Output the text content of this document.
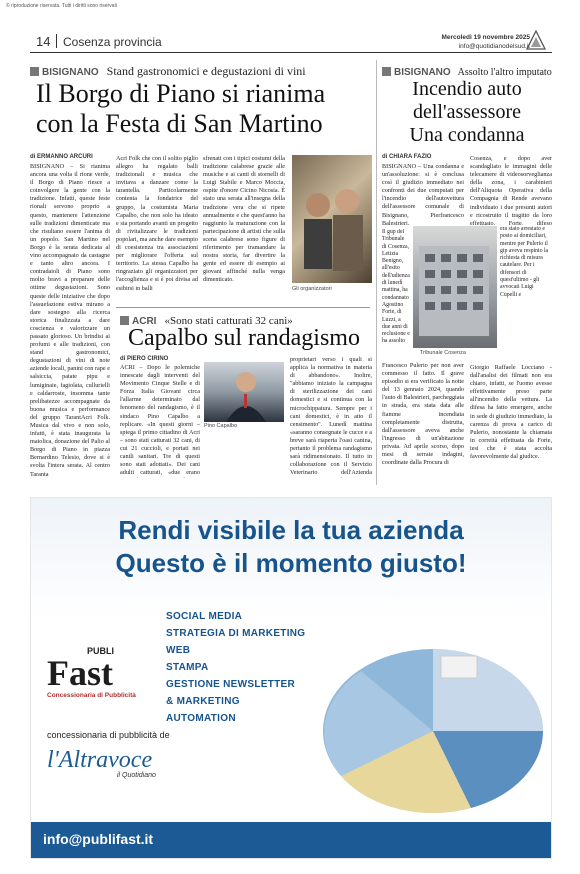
© riproduzione riservata. Tutti i diritti sono riservati
14 Cosenza provincia	Mercoledì 19 novembre 2025
info@quotidianodelsud.it
BISIGNANO Stand gastronomici e degustazioni di vini
Il Borgo di Piano si rianima
con la Festa di San Martino
di ERMANNO ARCURI
BISIGNANO – Si rianima ancora una volta il rione verde, il Borgo di Piano riesce a coinvolgere la gente con la tradizione. Infatti, queste feste rionali servono proprio a questo, mantenere l'attenzione sulle tradizioni dimenticate ma che risultano essere l'anima di un popolo. San Martino nel Borgo è la serata dedicata al vino accompagnato da castagne e tanto altro ancora. I contradaioli di Piano sono molto bravi a preparare delle ottime degustazioni. Sono queste delle iniziative che dopo l'assuefazione estiva mirano a dare sostegno alla ricerca storica finalizzata a dare coscienza e valorizzare un passato glorioso. Un brindisi ai profumi e alle tradizioni, con stand gastronomici, degustazioni di vini di note aziende locali, panini con rape e salsiccia, patate pipu e lumiginaie, fagiolata, cullurielli e caldarroste, insomma tante prelibatezze accompagnate da buona musica e performance del gruppo TarantAcri Folk. Musica dal vivo e non solo, infatti, è stata inaugurata la maiolica, donazione del Palio al Borgo di Piano in piazza Bernardino Telesio, dove si è svolta l'intera serata. Al centro Taranta
Acri Folk che con il solito piglio allegro ha regalato balli tradizionali e musica che invitava a danzare come la tarantella. Particolarmente contenta la fondatrice del gruppo, la costumista Maria Capalbo, che non solo ha ideato e sta portando avanti un progetto di rivitalizzare le tradizioni popolari, ma anche dare esempio di coesistenza tra associazioni per migliorare l'offerta sul territorio. La stessa Capalbo ha ringraziato gli organizzatori per l'accoglienza e si è poi divisa ad esibirsi in balli
sfrenati con i tipici costumi della tradizione calabrese grazie alle musiche e ai canti di stornelli di Luigi Stabile e Marco Moccia, ospite d'onore Cicino Nicosia. È stato una serata all'insegna della tradizione vera che si ripete annualmente e che quest'anno ha raggiunto la maturazione con la partecipazione di artisti che sulla scena calabrese sono figure di riferimento per tramandare la nostra storia, far divertire la gente ed essere di esempio ai giovani affinché nulla venga dimenticato.
Gli organizzatori
ACRI «Sono stati catturati 32 cani»
Capalbo sul randagismo
di PIERO CIRINO
Pino Capalbo
ACRI – Dopo le polemiche innescate dagli interventi del Movimento Cinque Stelle e di Forza Italia Giovani circa l'allarme determinato dal fenomeno del randagismo, è il sindaco Pino Capalbo a replicare. «In questi giorni – spiega il primo cittadino di Acri – sono stati catturati 32 cani, di cui 21 cuccioli, e portati nei canili sanitari. Tre di questi sono stati adottati». Dei cani adulti catturati, «due erano
proprietari verso i quali si applica la normativa in materia di abbandono». Inoltre, "abbiamo iniziato la campagna di sterilizzazione dei cani domestici e si continua con la microchippatura. Sempre per i cani domestici, è in atto il censimento". Lunedì mattina «saranno consegnate le cucce e a breve sarà riaperta l'oasi canina, pertanto il problema randagismo sarà ridimensionato. Il tutto in collaborazione con il Servizio Veterinario dell'Azienda
BISIGNANO Assolto l'altro imputato
Incendio auto
dell'assessore
Una condanna
di CHIARA FAZIO
BISIGNANO – Una condanna e un'assoluzione: si è conclusa così il giudizio immediato nei confronti dei due computati per l'incendio dell'autovettura dell'assessore comunale di Bisignano, Pierfrancesco Balestrieri.
Il gup del Tribunale di Cosenza, Letizia Benigno, all'esito dell'udienza di lunedì mattina, ha condannato Agostino Forte, di Luzzi, a due anni di reclusione e ha assolto
Tribunale Cosenza
Francesco Pulerio per non aver commesso il fatto. Il grave episodio si era verificato la notte del 13 gennaio 2024, quando l'auto di Balestrieri, parcheggiata in strada, era stata data alle fiamme incendiata completamente distrutta, dall'assessore aveva anche l'ingresso di un'abitazione privata. Ad aprile scorso, dopo mesi di serrate indagini, coordinate dalla Procura di
Cosenza, e dopo aver scandagliato le immagini delle telecamere di videosorveglianza della zona, i carabinieri dell'Aliquota Operativa della Compagnia di Rende avevano individuato i due presunti autori e ricostruito il tragitto da loro effettuato. Forte, difeso
era stato arrestato e posto ai domiciliari, mentre per Pulerio il gip aveva respinto la richiesta di misura cautelare. Per i difensori di quest'ultimo - gli avvocati Luigi Cupelli e
Giorgio Raffaele Locciano - dall'analisi dei filmati non era chiaro, infatti, se l'uomo avesse effettivamente preso parte all'incendio della vettura. La difesa ha fatto emergere, anche in sede di giudizio immediato, la carenza di prova a carico di Pulerio, nonostante la chiamata in correità effettuata da Forte, tesi che è stata accolta favorevolmente dal giudice.
Rendi visibile la tua azienda
Questo è il momento giusto!
SOCIAL MEDIA
STRATEGIA DI MARKETING
WEB
STAMPA
GESTIONE NEWSLETTER
& MARKETING
AUTOMATION
PUBLI
Fast
Concessionaria di Pubblicità
concessionaria di pubblicità de
l'Altravoce
il Quotidiano
info@publifast.it
